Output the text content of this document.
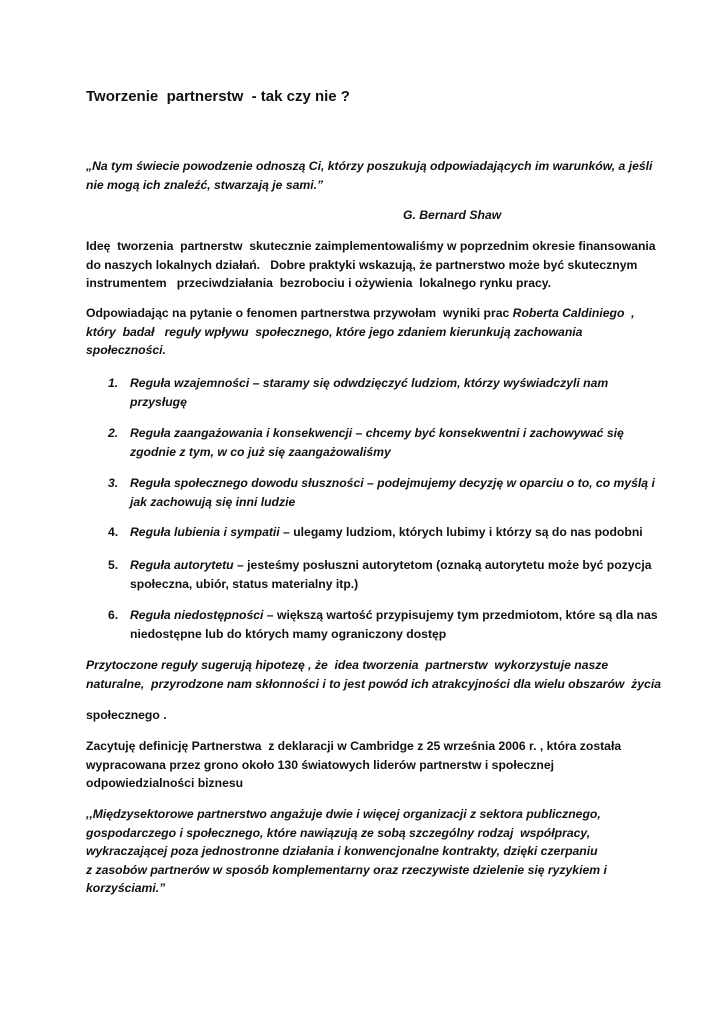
Tworzenie  partnerstw  - tak czy nie ?
„Na tym świecie powodzenie odnoszą Ci, którzy poszukują odpowiadających im warunków, a jeśli
nie mogą ich znaleźć, stwarzają je sami.”
G. Bernard Shaw
Ideę  tworzenia  partnerstw  skutecznie zaimplementowaliśmy w poprzednim okresie finansowania
do naszych lokalnych działań.   Dobre praktyki wskazują, że partnerstwo może być skutecznym
instrumentem   przeciwdziałania  bezrobociu i ożywienia  lokalnego rynku pracy.
Odpowiadając na pytanie o fenomen partnerstwa przywołam  wyniki prac Roberta Caldiniego  ,
który  badał   reguły wpływu  społecznego, które jego zdaniem kierunkują zachowania
społeczności.
1. Reguła wzajemności – staramy się odwdzięczyć ludziom, którzy wyświadczyli nam
przysługę
2. Reguła zaangażowania i konsekwencji – chcemy być konsekwentni i zachowywać się
zgodnie z tym, w co już się zaangażowaliśmy
3. Reguła społecznego dowodu słuszności – podejmujemy decyzję w oparciu o to, co myślą i
jak zachowują się inni ludzie
4. Reguła lubienia i sympatii – ulegamy ludziom, których lubimy i którzy są do nas podobni
5. Reguła autorytetu – jesteśmy posłuszni autorytetom (oznaką autorytetu może być pozycja
społeczna, ubiór, status materialny itp.)
6. Reguła niedostępności – większą wartość przypisujemy tym przedmiotom, które są dla nas
niedostępne lub do których mamy ograniczony dostęp
Przytoczone reguły sugerują hipotezę , że  idea tworzenia  partnerstw  wykorzystuje nasze
naturalne,  przyrodzone nam skłonności i to jest powód ich atrakcyjności dla wielu obszarów  życia
społecznego .
Zacytuję definicję Partnerstwa  z deklaracji w Cambridge z 25 września 2006 r. , która została
wypracowana przez grono około 130 światowych liderów partnerstw i społecznej
odpowiedzialności biznesu
,,Międzysektorowe partnerstwo angażuje dwie i więcej organizacji z sektora publicznego,
gospodarczego i społecznego, które nawiązują ze sobą szczególny rodzaj  współpracy,
wykraczającej poza jednostronne działania i konwencjonalne kontrakty, dzięki czerpaniu
z zasobów partnerów w sposób komplementarny oraz rzeczywiste dzielenie się ryzykiem i
korzyściami.”
